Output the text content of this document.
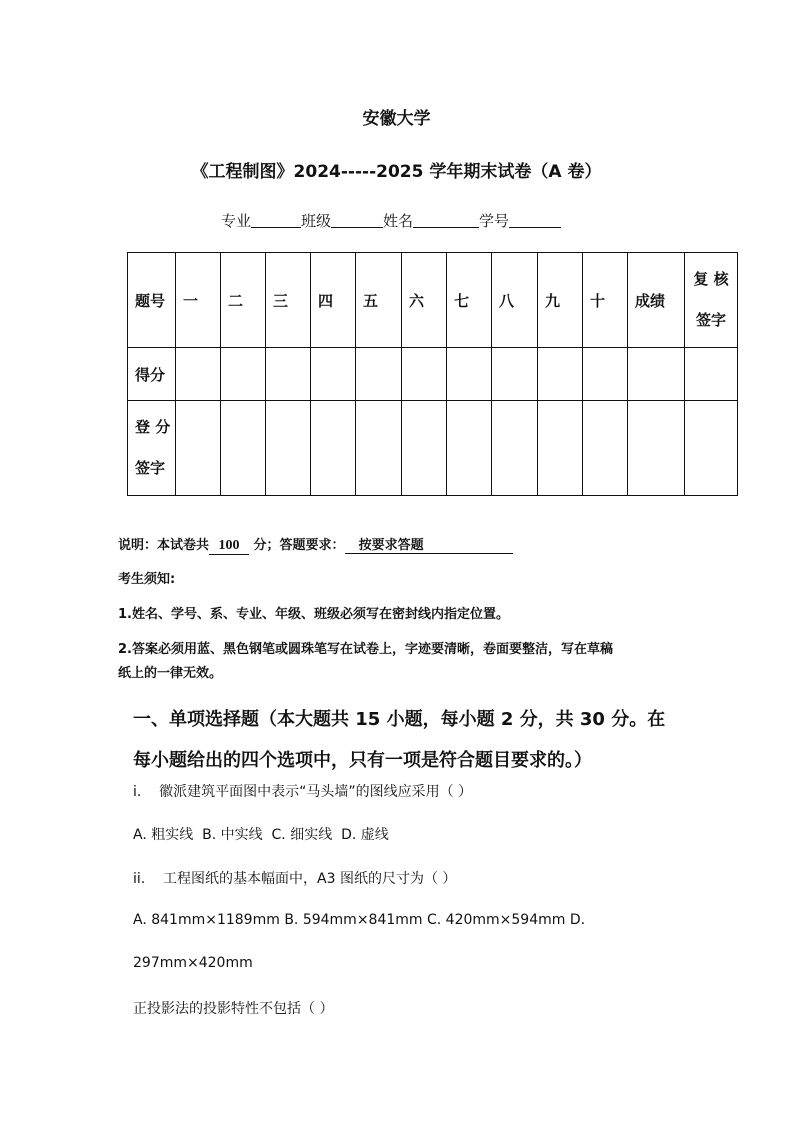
安徽大学
《工程制图》2024-----2025 学年期末试卷（A 卷）
专业	班级	姓名	学号
题号	一	二	三	四	五	六	七	八	九	十	成绩	复 核
签字

得分												

登 分
签字												

说明：本试卷共 100 分；答题要求： 按要求答题
考生须知:
1.姓名、学号、系、专业、年级、班级必须写在密封线内指定位置。
2.答案必须用蓝、黑色钢笔或圆珠笔写在试卷上，字迹要清晰，卷面要整洁，写在草稿
纸上的一律无效。
一、单项选择题（本大题共 15 小题，每小题 2 分，共 30 分。在
每小题给出的四个选项中，只有一项是符合题目要求的。）
i. 徽派建筑平面图中表示“马头墙”的图线应采用（ ）
A. 粗实线  B. 中实线  C. 细实线  D. 虚线
ii. 工程图纸的基本幅面中，A3 图纸的尺寸为（ ）
A. 841mm×1189mm B. 594mm×841mm C. 420mm×594mm D.
297mm×420mm
正投影法的投影特性不包括（ ）
